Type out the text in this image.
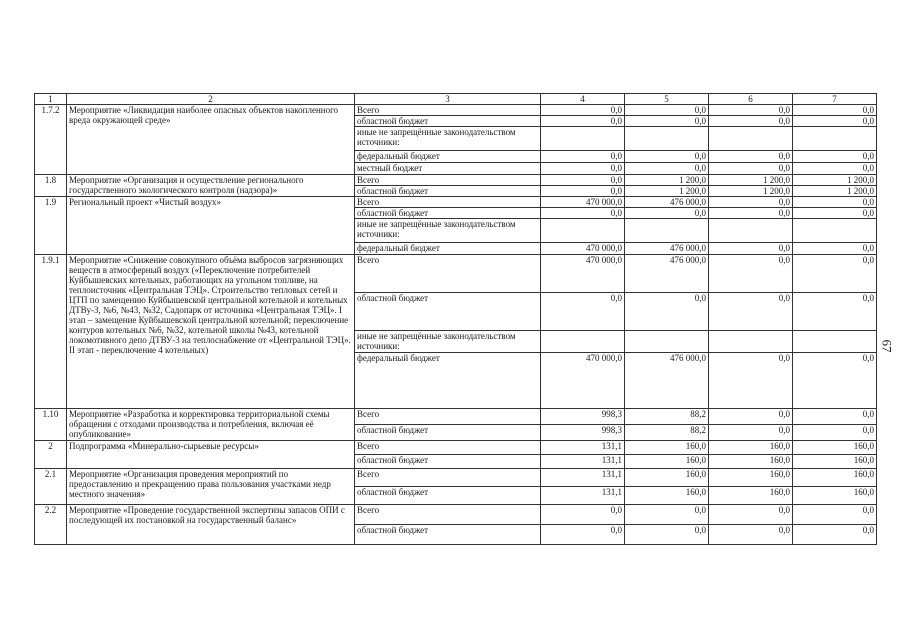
1	2	3	4	5	6	7
1.7.2	Мероприятие «Ликвидация наиболее опасных объектов накопленного вреда окружающей среде»	Всего	0,0	0,0	0,0	0,0
		областной бюджет	0,0	0,0	0,0	0,0
		иные не запрещённые законодательством источники:				
		федеральный бюджет	0,0	0,0	0,0	0,0
		местный бюджет	0,0	0,0	0,0	0,0
1.8	Мероприятие «Организация и осуществление регионального государственного экологического контроля (надзора)»	Всего	0,0	1 200,0	1 200,0	1 200,0
		областной бюджет	0,0	1 200,0	1 200,0	1 200,0
1.9	Региональный проект «Чистый воздух»	Всего	470 000,0	476 000,0	0,0	0,0
		областной бюджет	0,0	0,0	0,0	0,0
		иные не запрещённые законодательством источники:				
		федеральный бюджет	470 000,0	476 000,0	0,0	0,0
1.9.1	Мероприятие «Снижение совокупного объёма выбросов загрязняющих веществ в атмосферный воздух («Переключение потребителей Куйбышевских котельных, работающих на угольном топливе, на теплоисточник «Центральная ТЭЦ». Строительство тепловых сетей и ЦТП по замещению Куйбышевской центральной котельной и котельных ДТВу-3, №6, №43, №32, Садопарк от источника «Центральная ТЭЦ». I этап – замещение Куйбышевской центральной котельной; переключение контуров котельных №6, №32, котельной школы №43, котельной локомотивного депо ДТВУ-3 на теплоснабжение от «Центральной ТЭЦ». II этап - переключение 4 котельных)	Всего	470 000,0	476 000,0	0,0	0,0
		областной бюджет	0,0	0,0	0,0	0,0
		иные не запрещённые законодательством источники:				
		федеральный бюджет	470 000,0	476 000,0	0,0	0,0
1.10	Мероприятие «Разработка и корректировка территориальной схемы обращения с отходами производства и потребления, включая её опубликование»	Всего	998,3	88,2	0,0	0,0
		областной бюджет	998,3	88,2	0,0	0,0
2	Подпрограмма «Минерально-сырьевые ресурсы»	Всего	131,1	160,0	160,0	160,0
		областной бюджет	131,1	160,0	160,0	160,0
2.1	Мероприятие «Организация проведения мероприятий по предоставлению и прекращению права пользования участками недр местного значения»	Всего	131,1	160,0	160,0	160,0
		областной бюджет	131,1	160,0	160,0	160,0
2.2	Мероприятие «Проведение государственной экспертизы запасов ОПИ с последующей их постановкой на государственный баланс»	Всего	0,0	0,0	0,0	0,0
		областной бюджет	0,0	0,0	0,0	0,0
67
